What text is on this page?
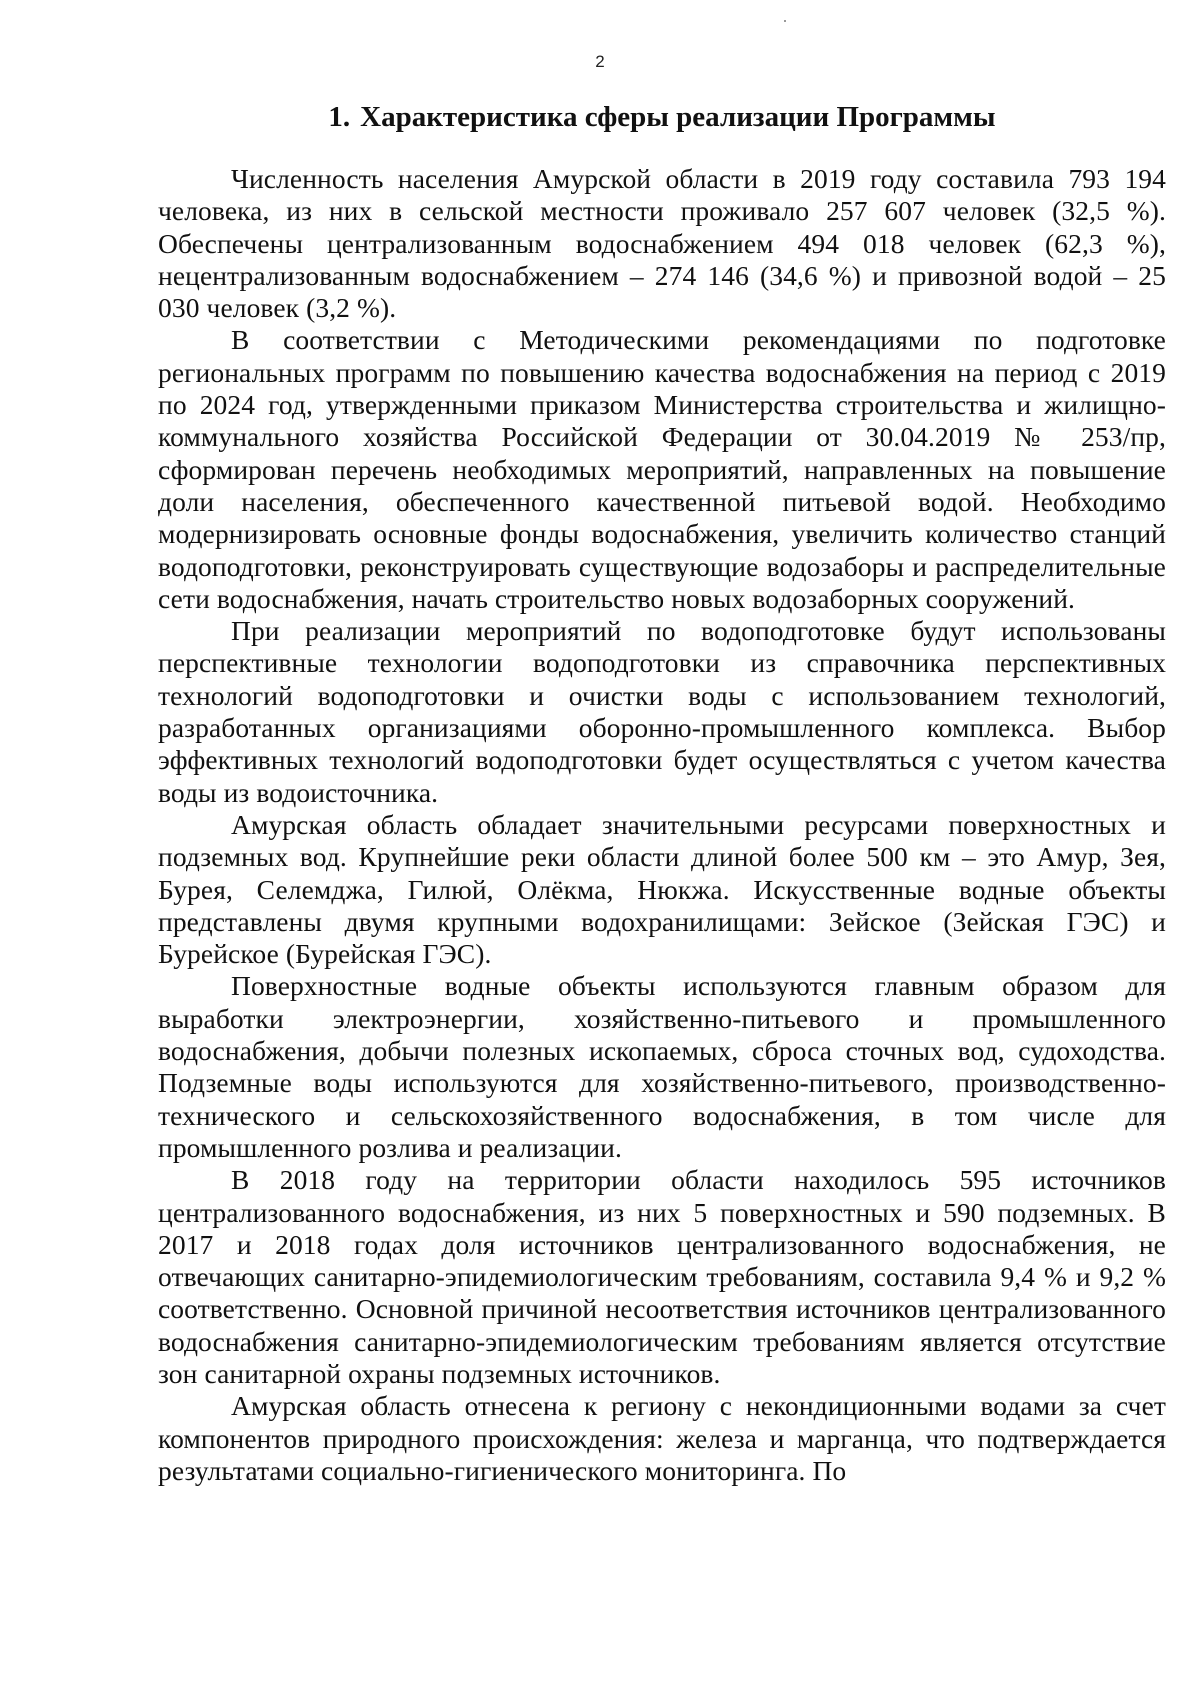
2
1. Характеристика сферы реализации Программы

Численность населения Амурской области в 2019 году составила 793 194 человека, из них в сельской местности проживало 257 607 человек (32,5 %). Обеспечены централизованным водоснабжением 494 018 человек (62,3 %), нецентрализованным водоснабжением – 274 146 (34,6 %) и привозной водой – 25 030 человек (3,2 %).

В соответствии с Методическими рекомендациями по подготовке региональных программ по повышению качества водоснабжения на период с 2019 по 2024 год, утвержденными приказом Министерства строительства и жилищно-коммунального хозяйства Российской Федерации от 30.04.2019 № 253/пр, сформирован перечень необходимых мероприятий, направленных на повышение доли населения, обеспеченного качественной питьевой водой. Необходимо модернизировать основные фонды водоснабжения, увеличить количество станций водоподготовки, реконструировать существующие водозаборы и распределительные сети водоснабжения, начать строительство новых водозаборных сооружений.

При реализации мероприятий по водоподготовке будут использованы перспективные технологии водоподготовки из справочника перспективных технологий водоподготовки и очистки воды с использованием технологий, разработанных организациями оборонно-промышленного комплекса. Выбор эффективных технологий водоподготовки будет осуществляться с учетом качества воды из водоисточника.

Амурская область обладает значительными ресурсами поверхностных и подземных вод. Крупнейшие реки области длиной более 500 км – это Амур, Зея, Бурея, Селемджа, Гилюй, Олёкма, Нюкжа. Искусственные водные объекты представлены двумя крупными водохранилищами: Зейское (Зейская ГЭС) и Бурейское (Бурейская ГЭС).

Поверхностные водные объекты используются главным образом для выработки электроэнергии, хозяйственно-питьевого и промышленного водоснабжения, добычи полезных ископаемых, сброса сточных вод, судоходства. Подземные воды используются для хозяйственно-питьевого, производственно-технического и сельскохозяйственного водоснабжения, в том числе для промышленного розлива и реализации.

В 2018 году на территории области находилось 595 источников централизованного водоснабжения, из них 5 поверхностных и 590 подземных. В 2017 и 2018 годах доля источников централизованного водоснабжения, не отвечающих санитарно-эпидемиологическим требованиям, составила 9,4 % и 9,2 % соответственно. Основной причиной несоответствия источников централизованного водоснабжения санитарно-эпидемиологическим требованиям является отсутствие зон санитарной охраны подземных источников.

Амурская область отнесена к региону с некондиционными водами за счет компонентов природного происхождения: железа и марганца, что подтверждается результатами социально-гигиенического мониторинга. По
